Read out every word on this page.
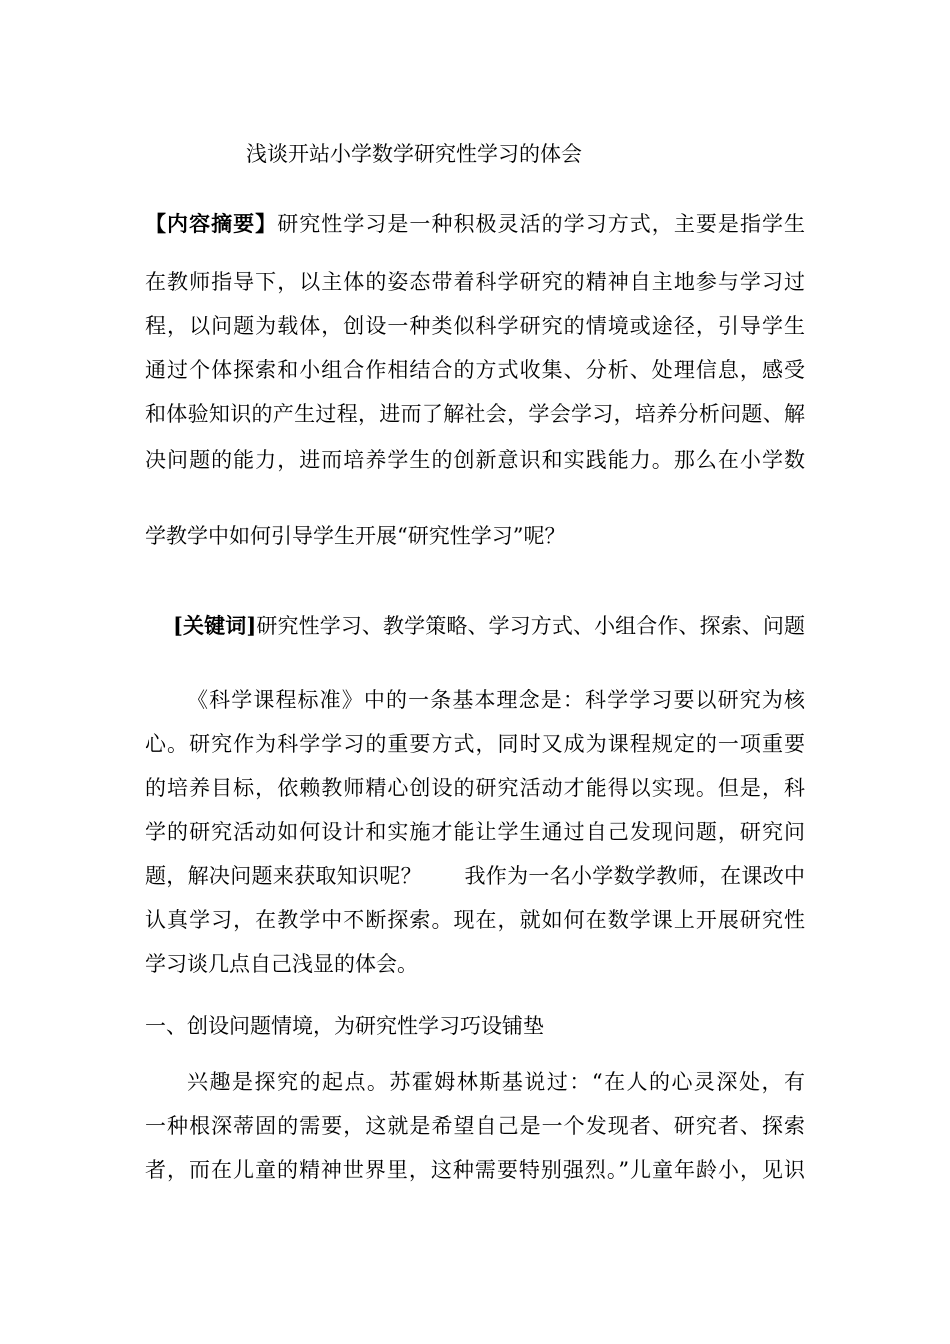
浅谈开站小学数学研究性学习的体会
【内容摘要】研究性学习是一种积极灵活的学习方式，主要是指学生
在教师指导下，以主体的姿态带着科学研究的精神自主地参与学习过
程，以问题为载体，创设一种类似科学研究的情境或途径，引导学生
通过个体探索和小组合作相结合的方式收集、分析、处理信息，感受
和体验知识的产生过程，进而了解社会，学会学习，培养分析问题、解
决问题的能力，进而培养学生的创新意识和实践能力。那么在小学数
学教学中如何引导学生开展“研究性学习”呢？
[关键词]研究性学习、教学策略、学习方式、小组合作、探索、问题
《科学课程标准》中的一条基本理念是：科学学习要以研究为核
心。研究作为科学学习的重要方式，同时又成为课程规定的一项重要
的培养目标，依赖教师精心创设的研究活动才能得以实现。但是，科
学的研究活动如何设计和实施才能让学生通过自己发现问题，研究问
题，解决问题来获取知识呢？　　我作为一名小学数学教师，在课改中
认真学习，在教学中不断探索。现在，就如何在数学课上开展研究性
学习谈几点自己浅显的体会。
一、创设问题情境，为研究性学习巧设铺垫
兴趣是探究的起点。苏霍姆林斯基说过：“在人的心灵深处，有
一种根深蒂固的需要，这就是希望自己是一个发现者、研究者、探索
者，而在儿童的精神世界里，这种需要特别强烈。”儿童年龄小，见识
